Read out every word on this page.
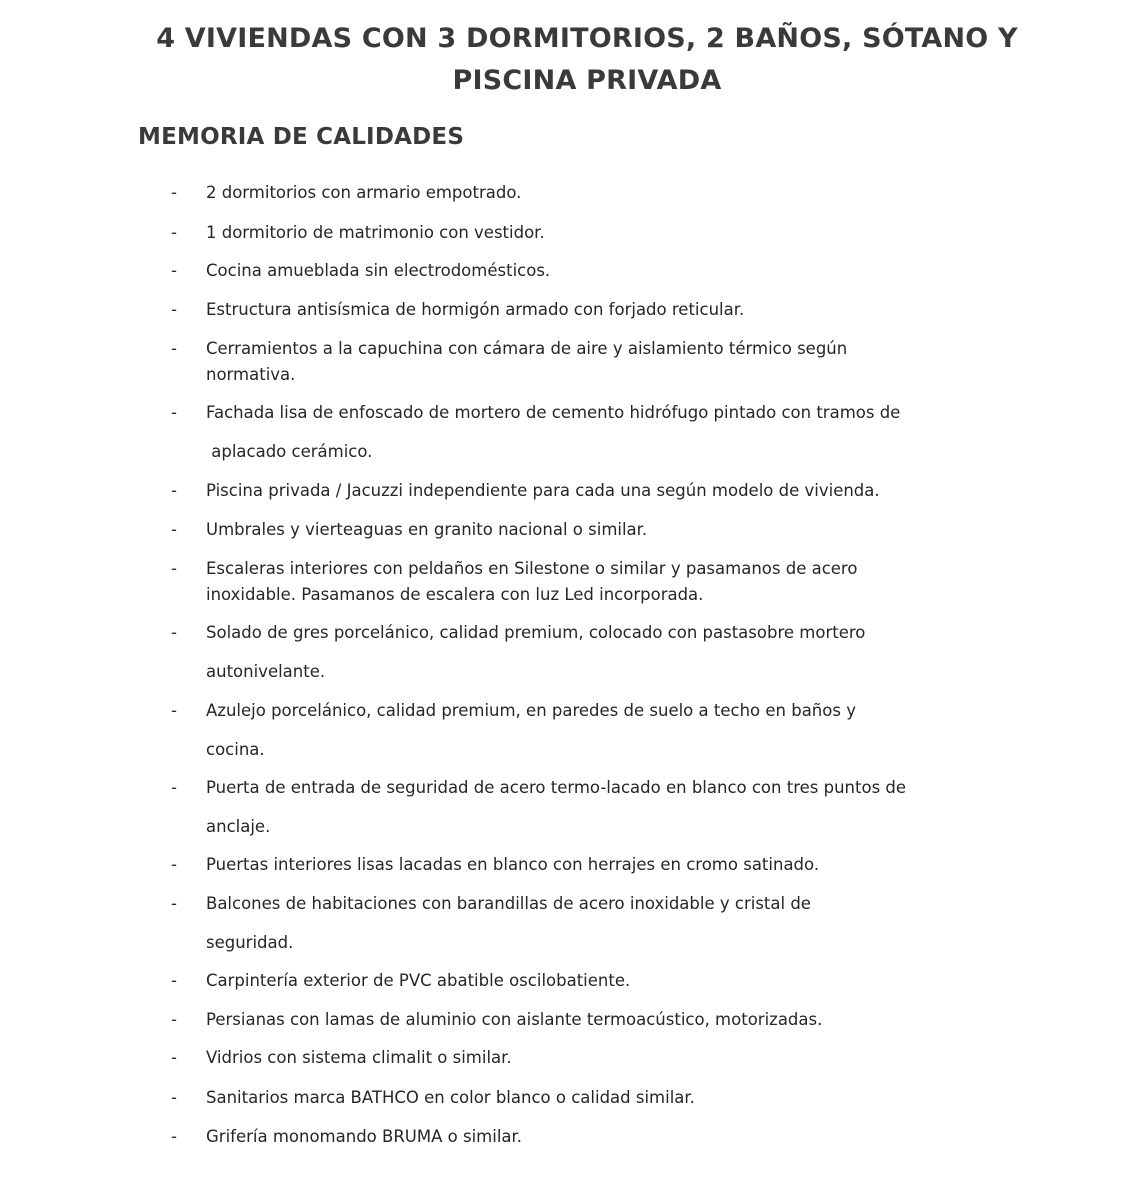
4 VIVIENDAS CON 3 DORMITORIOS, 2 BAÑOS, SÓTANO Y
PISCINA PRIVADA
MEMORIA DE CALIDADES
- 2 dormitorios con armario empotrado.
- 1 dormitorio de matrimonio con vestidor.
- Cocina amueblada sin electrodomésticos.
- Estructura antisísmica de hormigón armado con forjado reticular.
- Cerramientos a la capuchina con cámara de aire y aislamiento térmico según
normativa.
- Fachada lisa de enfoscado de mortero de cemento hidrófugo pintado con tramos de
aplacado cerámico.
- Piscina privada / Jacuzzi independiente para cada una según modelo de vivienda.
- Umbrales y vierteaguas en granito nacional o similar.
- Escaleras interiores con peldaños en Silestone o similar y pasamanos de acero
inoxidable. Pasamanos de escalera con luz Led incorporada.
- Solado de gres porcelánico, calidad premium, colocado con pastasobre mortero
autonivelante.
- Azulejo porcelánico, calidad premium, en paredes de suelo a techo en baños y
cocina.
- Puerta de entrada de seguridad de acero termo-lacado en blanco con tres puntos de
anclaje.
- Puertas interiores lisas lacadas en blanco con herrajes en cromo satinado.
- Balcones de habitaciones con barandillas de acero inoxidable y cristal de
seguridad.
- Carpintería exterior de PVC abatible oscilobatiente.
- Persianas con lamas de aluminio con aislante termoacústico, motorizadas.
- Vidrios con sistema climalit o similar.
- Sanitarios marca BATHCO en color blanco o calidad similar.
- Grifería monomando BRUMA o similar.
